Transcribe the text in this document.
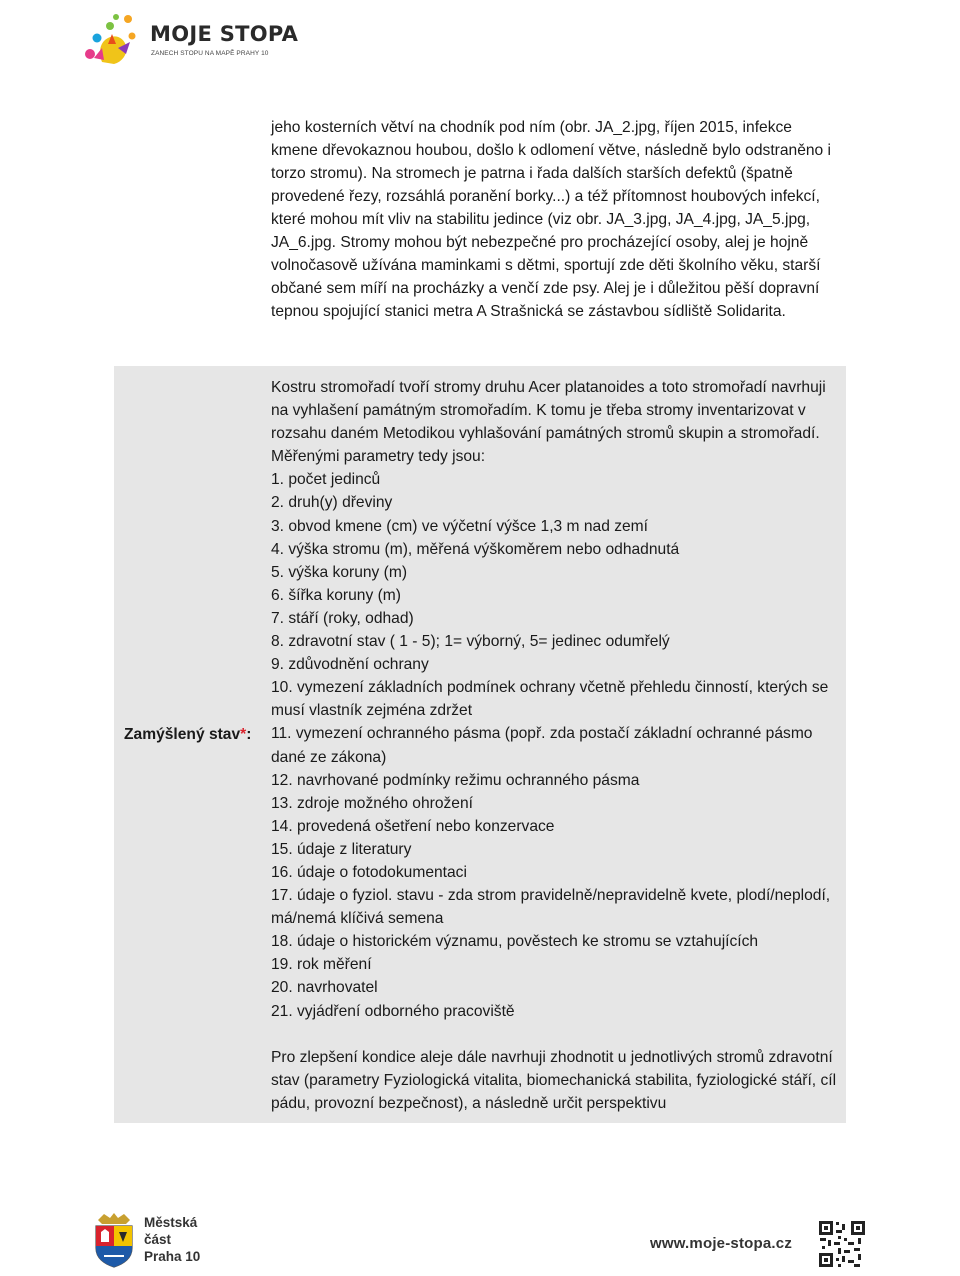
MOJE STOPA
ZANECH STOPU NA MAPĚ PRAHY 10

jeho kosterních větví na chodník pod ním (obr. JA_2.jpg, říjen 2015, infekce kmene dřevokaznou houbou, došlo k odlomení větve, následně bylo odstraněno i torzo stromu). Na stromech je patrna i řada dalších starších defektů (špatně provedené řezy, rozsáhlá poranění borky...) a též přítomnost houbových infekcí, které mohou mít vliv na stabilitu jedince (viz obr. JA_3.jpg, JA_4.jpg, JA_5.jpg, JA_6.jpg. Stromy mohou být nebezpečné pro procházející osoby, alej je hojně volnočasově užívána maminkami s dětmi, sportují zde děti školního věku, starší občané sem míří na procházky a venčí zde psy. Alej je i důležitou pěší dopravní tepnou spojující stanici metra A Strašnická se zástavbou sídliště Solidarita.

Zamýšlený stav*:

Kostru stromořadí tvoří stromy druhu Acer platanoides a toto stromořadí navrhuji na vyhlašení památným stromořadím. K tomu je třeba stromy inventarizovat v rozsahu daném Metodikou vyhlašování památných stromů skupin a stromořadí. Měřenými parametry tedy jsou:

1. počet jedinců
2. druh(y) dřeviny
3. obvod kmene (cm) ve výčetní výšce 1,3 m nad zemí
4. výška stromu (m), měřená výškoměrem nebo odhadnutá
5. výška koruny (m)
6. šířka koruny (m)
7. stáří (roky, odhad)
8. zdravotní stav ( 1 - 5); 1= výborný, 5= jedinec odumřelý
9. zdůvodnění ochrany
10. vymezení základních podmínek ochrany včetně přehledu činností, kterých se musí vlastník zejména zdržet
11. vymezení ochranného pásma (popř. zda postačí základní ochranné pásmo dané ze zákona)
12. navrhované podmínky režimu ochranného pásma
13. zdroje možného ohrožení
14. provedená ošetření nebo konzervace
15. údaje z literatury
16. údaje o fotodokumentaci
17. údaje o fyziol. stavu - zda strom pravidelně/nepravidelně kvete, plodí/neplodí, má/nemá klíčivá semena
18. údaje o historickém významu, pověstech ke stromu se vztahujících
19. rok měření
20. navrhovatel
21. vyjádření odborného pracoviště

Pro zlepšení kondice aleje dále navrhuji zhodnotit u jednotlivých stromů zdravotní stav (parametry Fyziologická vitalita, biomechanická stabilita, fyziologické stáří, cíl pádu, provozní bezpečnost), a následně určit perspektivu

Městská
část
Praha 10
www.moje-stopa.cz
